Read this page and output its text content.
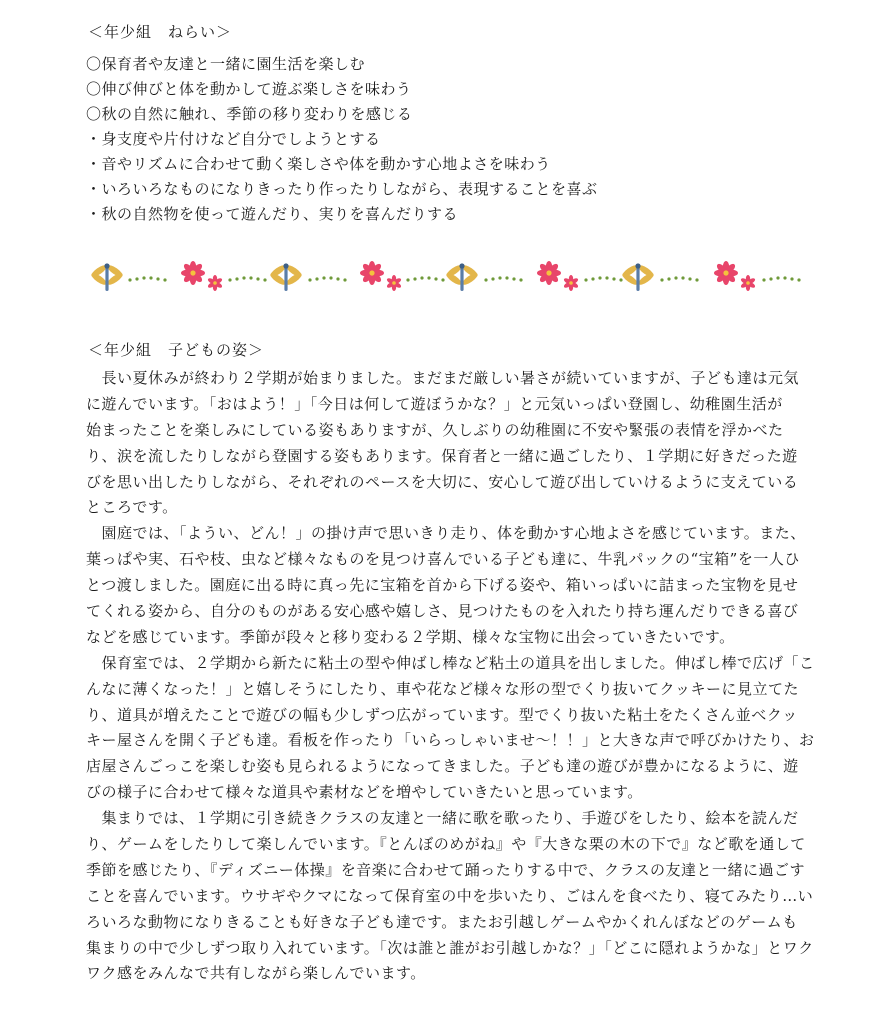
＜年少組　ねらい＞
〇保育者や友達と一緒に園生活を楽しむ
〇伸び伸びと体を動かして遊ぶ楽しさを味わう
〇秋の自然に触れ、季節の移り変わりを感じる
・身支度や片付けなど自分でしようとする
・音やリズムに合わせて動く楽しさや体を動かす心地よさを味わう
・いろいろなものになりきったり作ったりしながら、表現することを喜ぶ
・秋の自然物を使って遊んだり、実りを喜んだりする
＜年少組　子どもの姿＞
　長い夏休みが終わり２学期が始まりました。まだまだ厳しい暑さが続いていますが、子ども達は元気
に遊んでいます。「おはよう！」「今日は何して遊ぼうかな？」と元気いっぱい登園し、幼稚園生活が
始まったことを楽しみにしている姿もありますが、久しぶりの幼稚園に不安や緊張の表情を浮かべた
り、涙を流したりしながら登園する姿もあります。保育者と一緒に過ごしたり、１学期に好きだった遊
びを思い出したりしながら、それぞれのペースを大切に、安心して遊び出していけるように支えている
ところです。
　園庭では、「ようい、どん！」の掛け声で思いきり走り、体を動かす心地よさを感じています。また、
葉っぱや実、石や枝、虫など様々なものを見つけ喜んでいる子ども達に、牛乳パックの“宝箱”を一人ひ
とつ渡しました。園庭に出る時に真っ先に宝箱を首から下げる姿や、箱いっぱいに詰まった宝物を見せ
てくれる姿から、自分のものがある安心感や嬉しさ、見つけたものを入れたり持ち運んだりできる喜び
などを感じています。季節が段々と移り変わる２学期、様々な宝物に出会っていきたいです。
　保育室では、２学期から新たに粘土の型や伸ばし棒など粘土の道具を出しました。伸ばし棒で広げ「こ
んなに薄くなった！」と嬉しそうにしたり、車や花など様々な形の型でくり抜いてクッキーに見立てた
り、道具が増えたことで遊びの幅も少しずつ広がっています。型でくり抜いた粘土をたくさん並べクッ
キー屋さんを開く子ども達。看板を作ったり「いらっしゃいませ～！！」と大きな声で呼びかけたり、お
店屋さんごっこを楽しむ姿も見られるようになってきました。子ども達の遊びが豊かになるように、遊
びの様子に合わせて様々な道具や素材などを増やしていきたいと思っています。
　集まりでは、１学期に引き続きクラスの友達と一緒に歌を歌ったり、手遊びをしたり、絵本を読んだ
り、ゲームをしたりして楽しんでいます。『とんぼのめがね』や『大きな栗の木の下で』など歌を通して
季節を感じたり、『ディズニー体操』を音楽に合わせて踊ったりする中で、クラスの友達と一緒に過ごす
ことを喜んでいます。ウサギやクマになって保育室の中を歩いたり、ごはんを食べたり、寝てみたり…い
ろいろな動物になりきることも好きな子ども達です。またお引越しゲームやかくれんぼなどのゲームも
集まりの中で少しずつ取り入れています。「次は誰と誰がお引越しかな？」「どこに隠れようかな」とワク
ワク感をみんなで共有しながら楽しんでいます。
